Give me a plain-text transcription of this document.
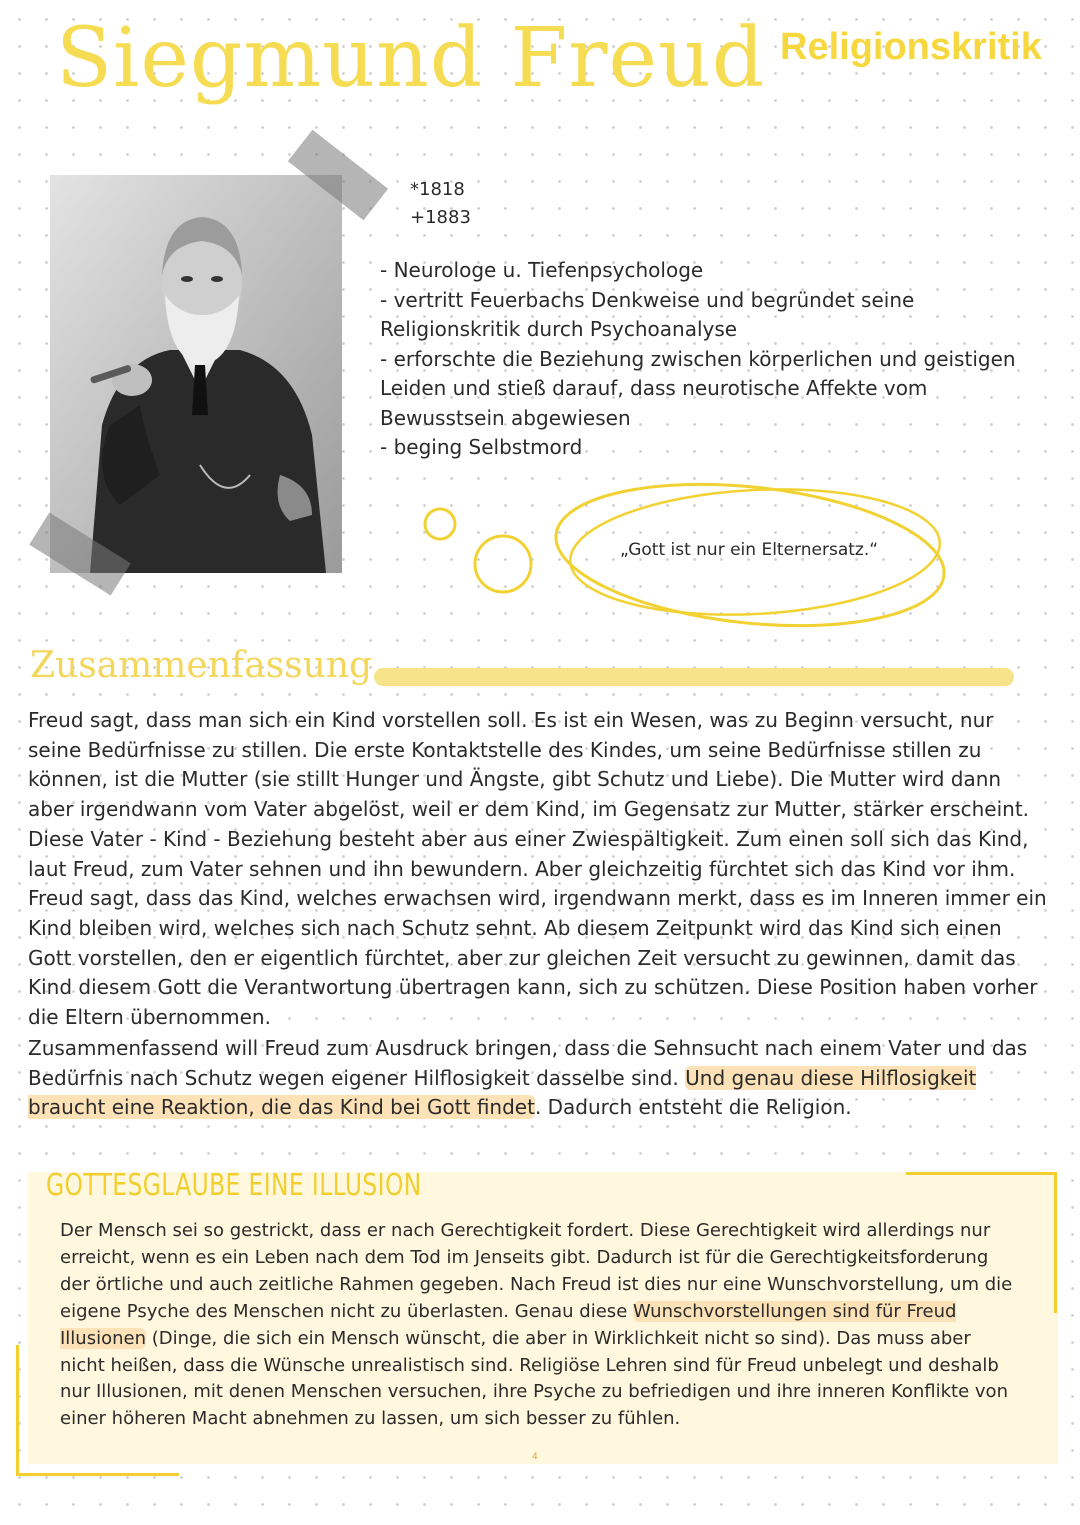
Siegmund Freud Religionskritik
*1818
+1883
- Neurologe u. Tiefenpsychologe
- vertritt Feuerbachs Denkweise und begründet seine Religionskritik durch Psychoanalyse
- erforschte die Beziehung zwischen körperlichen und geistigen Leiden und stieß darauf, dass neurotische Affekte vom Bewusstsein abgewiesen
- beging Selbstmord
„Gott ist nur ein Elternersatz.“
Zusammenfassung

Freud sagt, dass man sich ein Kind vorstellen soll. Es ist ein Wesen, was zu Beginn versucht, nur seine Bedürfnisse zu stillen. Die erste Kontaktstelle des Kindes, um seine Bedürfnisse stillen zu können, ist die Mutter (sie stillt Hunger und Ängste, gibt Schutz und Liebe). Die Mutter wird dann aber irgendwann vom Vater abgelöst, weil er dem Kind, im Gegensatz zur Mutter, stärker erscheint. Diese Vater - Kind - Beziehung besteht aber aus einer Zwiespältigkeit. Zum einen soll sich das Kind, laut Freud, zum Vater sehnen und ihn bewundern. Aber gleichzeitig fürchtet sich das Kind vor ihm. Freud sagt, dass das Kind, welches erwachsen wird, irgendwann merkt, dass es im Inneren immer ein Kind bleiben wird, welches sich nach Schutz sehnt. Ab diesem Zeitpunkt wird das Kind sich einen Gott vorstellen, den er eigentlich fürchtet, aber zur gleichen Zeit versucht zu gewinnen, damit das Kind diesem Gott die Verantwortung übertragen kann, sich zu schützen. Diese Position haben vorher die Eltern übernommen.

Zusammenfassend will Freud zum Ausdruck bringen, dass die Sehnsucht nach einem Vater und das Bedürfnis nach Schutz wegen eigener Hilflosigkeit dasselbe sind. Und genau diese Hilflosigkeit braucht eine Reaktion, die das Kind bei Gott findet. Dadurch entsteht die Religion.

GOTTESGLAUBE EINE ILLUSION

Der Mensch sei so gestrickt, dass er nach Gerechtigkeit fordert. Diese Gerechtigkeit wird allerdings nur erreicht, wenn es ein Leben nach dem Tod im Jenseits gibt. Dadurch ist für die Gerechtigkeitsforderung der örtliche und auch zeitliche Rahmen gegeben. Nach Freud ist dies nur eine Wunschvorstellung, um die eigene Psyche des Menschen nicht zu überlasten. Genau diese Wunschvorstellungen sind für Freud Illusionen (Dinge, die sich ein Mensch wünscht, die aber in Wirklichkeit nicht so sind). Das muss aber nicht heißen, dass die Wünsche unrealistisch sind. Religiöse Lehren sind für Freud unbelegt und deshalb nur Illusionen, mit denen Menschen versuchen, ihre Psyche zu befriedigen und ihre inneren Konflikte von einer höheren Macht abnehmen zu lassen, um sich besser zu fühlen.

4
